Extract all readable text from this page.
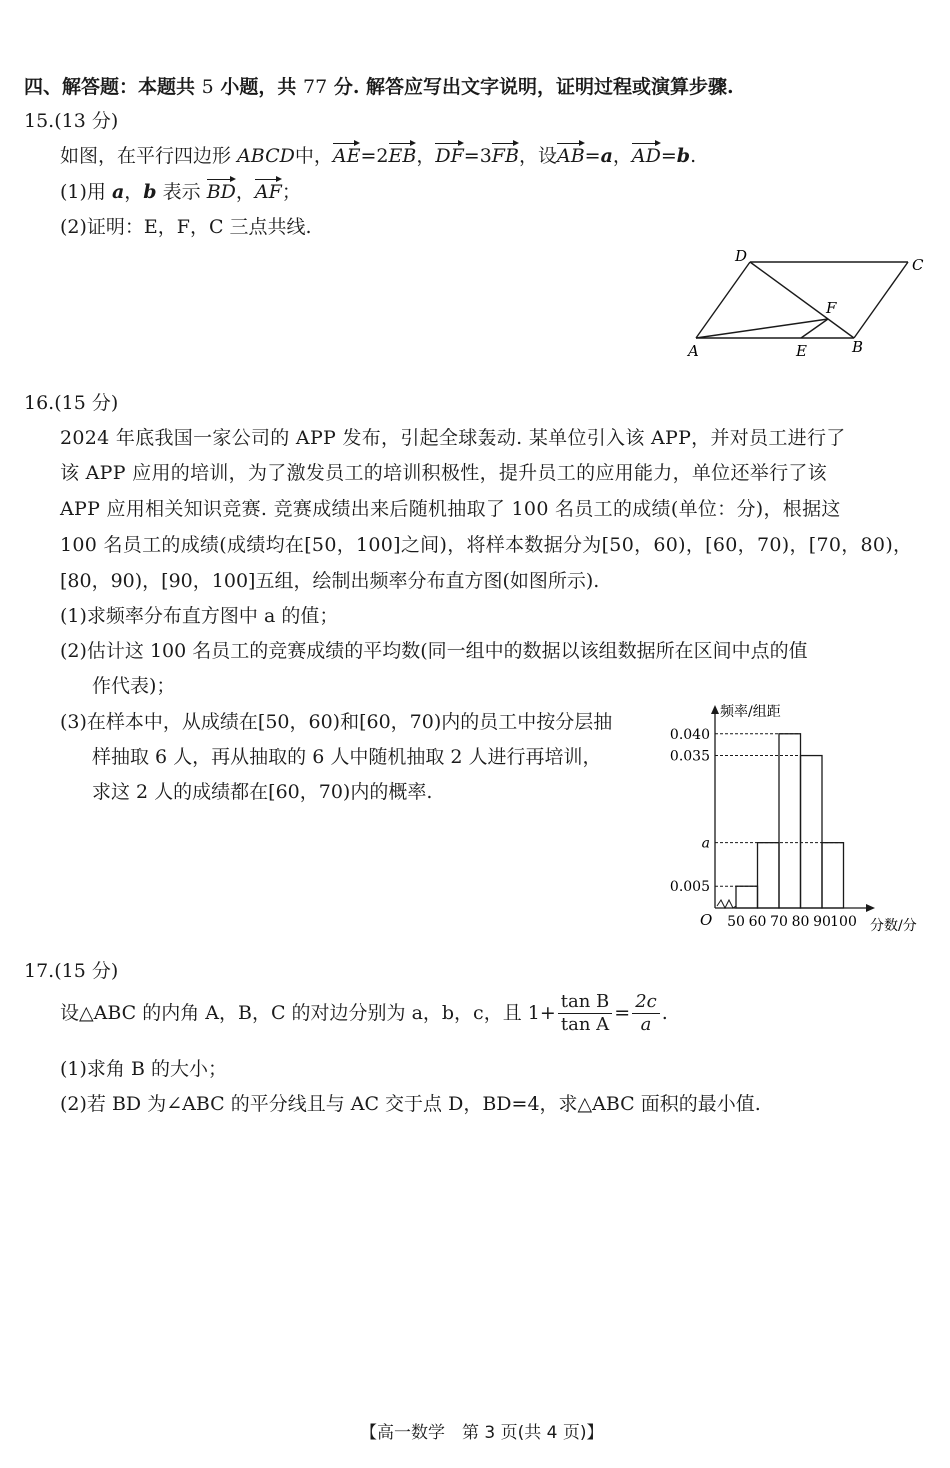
四、解答题：本题共 5 小题，共 77 分. 解答应写出文字说明，证明过程或演算步骤.
15.(13 分)
如图，在平行四边形 ABCD中，AE=2EB，DF=3FB，设AB=a，AD=b.
(1)用 a，b 表示 BD，AF；
(2)证明：E，F，C 三点共线.
D	C
F
A	E	B
16.(15 分)
2024 年底我国一家公司的 APP 发布，引起全球轰动. 某单位引入该 APP，并对员工进行了
该 APP 应用的培训，为了激发员工的培训积极性，提升员工的应用能力，单位还举行了该
APP 应用相关知识竞赛. 竞赛成绩出来后随机抽取了 100 名员工的成绩(单位：分)，根据这
100 名员工的成绩(成绩均在[50，100]之间)，将样本数据分为[50，60)，[60，70)，[70，80)，
[80，90)，[90，100]五组，绘制出频率分布直方图(如图所示).
(1)求频率分布直方图中 a 的值；
(2)估计这 100 名员工的竞赛成绩的平均数(同一组中的数据以该组数据所在区间中点的值
作代表)；
(3)在样本中，从成绩在[50，60)和[60，70)内的员工中按分层抽
样抽取 6 人，再从抽取的 6 人中随机抽取 2 人进行再培训，
求这 2 人的成绩都在[60，70)内的概率.
频率/组距
分数/分
O
0.040
0.035
a
0.005
50 60 70 80 90 100
17.(15 分)
设△ABC 的内角 A，B，C 的对边分别为 a，b，c，且 $1+ \frac{\text{tan B}}{\text{tan A}} = \frac{2c}{a}$ .
(1)求角 B 的大小；
(2)若 BD 为∠ABC 的平分线且与 AC 交于点 D，BD=4，求△ABC 面积的最小值.
【高一数学　第 3 页(共 4 页)】
